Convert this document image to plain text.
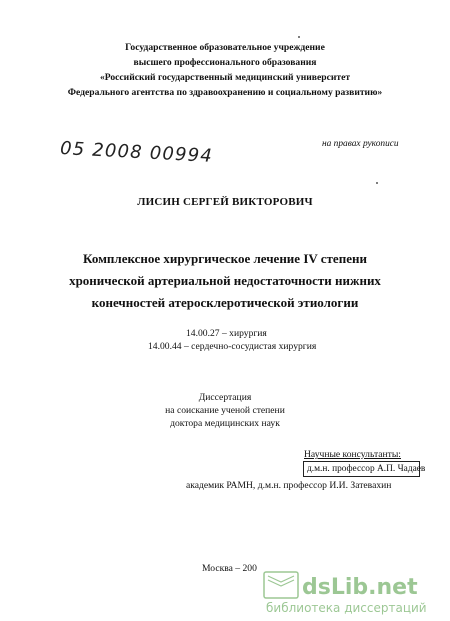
Государственное образовательное учреждение
высшего профессионального образования
«Российский государственный медицинский университет
Федерального агентства по здравоохранению и социальному развитию»
05 2008 00994	на правах рукописи
ЛИСИН СЕРГЕЙ ВИКТОРОВИЧ
Комплексное хирургическое лечение IV степени
хронической артериальной недостаточности нижних
конечностей атеросклеротической этиологии
14.00.27 – хирургия
14.00.44 – сердечно-сосудистая хирургия
Диссертация
на соискание ученой степени
доктора медицинских наук
Научные консультанты:
д.м.н. профессор А.П. Чадаев
академик РАМН, д.м.н. профессор И.И. Затевахин
Москва – 200
dsLib.net
библиотека диссертаций
